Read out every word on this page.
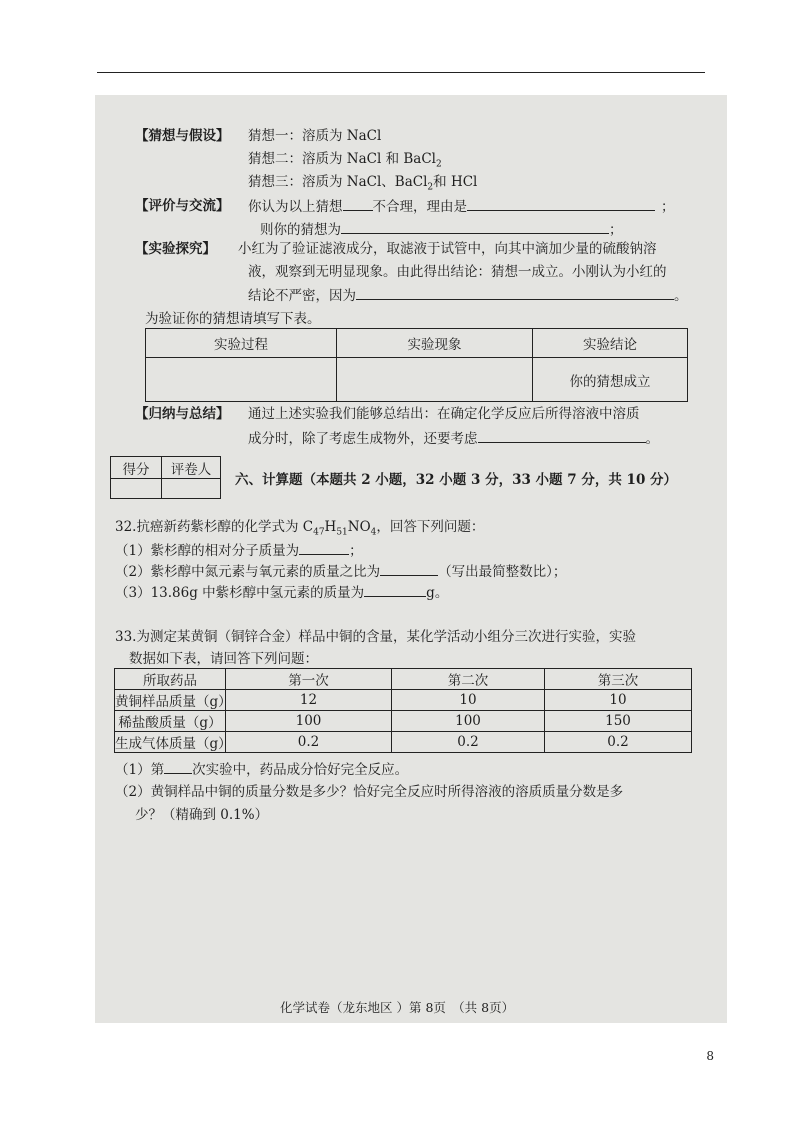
【猜想与假设】 猜想一：溶质为 NaCl
猜想二：溶质为 NaCl 和 BaCl$_2$
猜想三：溶质为 NaCl、BaCl$_2$和 HCl
【评价与交流】 你认为以上猜想 不合理，理由是	；
则你的猜想为	；
【实验探究】 小红为了验证滤液成分，取滤液于试管中，向其中滴加少量的硫酸钠溶
液，观察到无明显现象。由此得出结论：猜想一成立。小刚认为小红的
结论不严密，因为	。
为验证你的猜想请填写下表。
实验过程	实验现象	实验结论
		你的猜想成立
【归纳与总结】 通过上述实验我们能够总结出：在确定化学反应后所得溶液中溶质
成分时，除了考虑生成物外，还要考虑	。
得分	评卷人

六、计算题（本题共 2 小题，32 小题 3 分，33 小题 7 分，共 10 分）
32.抗癌新药紫杉醇的化学式为 $C_{47}H_{51}NO_4$，回答下列问题：
（1）紫杉醇的相对分子质量为	；
（2）紫杉醇中氮元素与氧元素的质量之比为	（写出最简整数比）；
（3）13.86g 中紫杉醇中氢元素的质量为	g。
33.为测定某黄铜（铜锌合金）样品中铜的含量，某化学活动小组分三次进行实验，实验
数据如下表，请回答下列问题：
所取药品	第一次	第二次	第三次
黄铜样品质量（g）	12	10	10
稀盐酸质量（g）	100	100	150
生成气体质量（g）	0.2	0.2	0.2
（1）第 次实验中，药品成分恰好完全反应。
（2）黄铜样品中铜的质量分数是多少？恰好完全反应时所得溶液的溶质质量分数是多
少？（精确到 0.1%）
化学试卷（龙东地区 ）第 8页　（共 8页）
8
